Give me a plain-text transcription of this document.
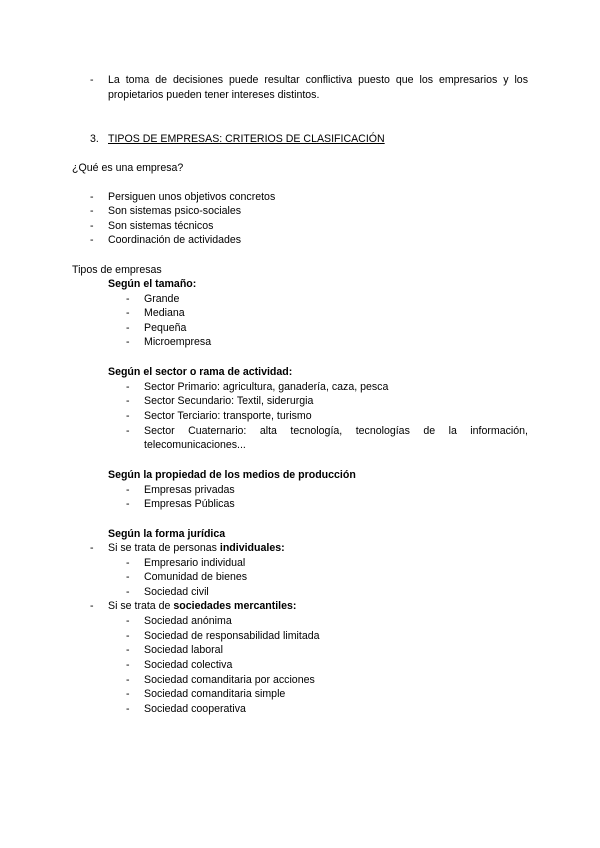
- La toma de decisiones puede resultar conflictiva puesto que los empresarios y los
propietarios pueden tener intereses distintos.
3. TIPOS DE EMPRESAS: CRITERIOS DE CLASIFICACIÓN
¿Qué es una empresa?
- Persiguen unos objetivos concretos
- Son sistemas psico-sociales
- Son sistemas técnicos
- Coordinación de actividades
Tipos de empresas
Según el tamaño:
- Grande
- Mediana
- Pequeña
- Microempresa
Según el sector o rama de actividad:
- Sector Primario: agricultura, ganadería, caza, pesca
- Sector Secundario: Textil, siderurgia
- Sector Terciario: transporte, turismo
- Sector Cuaternario: alta tecnología, tecnologías de la información,
telecomunicaciones...
Según la propiedad de los medios de producción
- Empresas privadas
- Empresas Públicas
Según la forma jurídica
- Si se trata de personas individuales:
- Empresario individual
- Comunidad de bienes
- Sociedad civil
- Si se trata de sociedades mercantiles:
- Sociedad anónima
- Sociedad de responsabilidad limitada
- Sociedad laboral
- Sociedad colectiva
- Sociedad comanditaria por acciones
- Sociedad comanditaria simple
- Sociedad cooperativa
